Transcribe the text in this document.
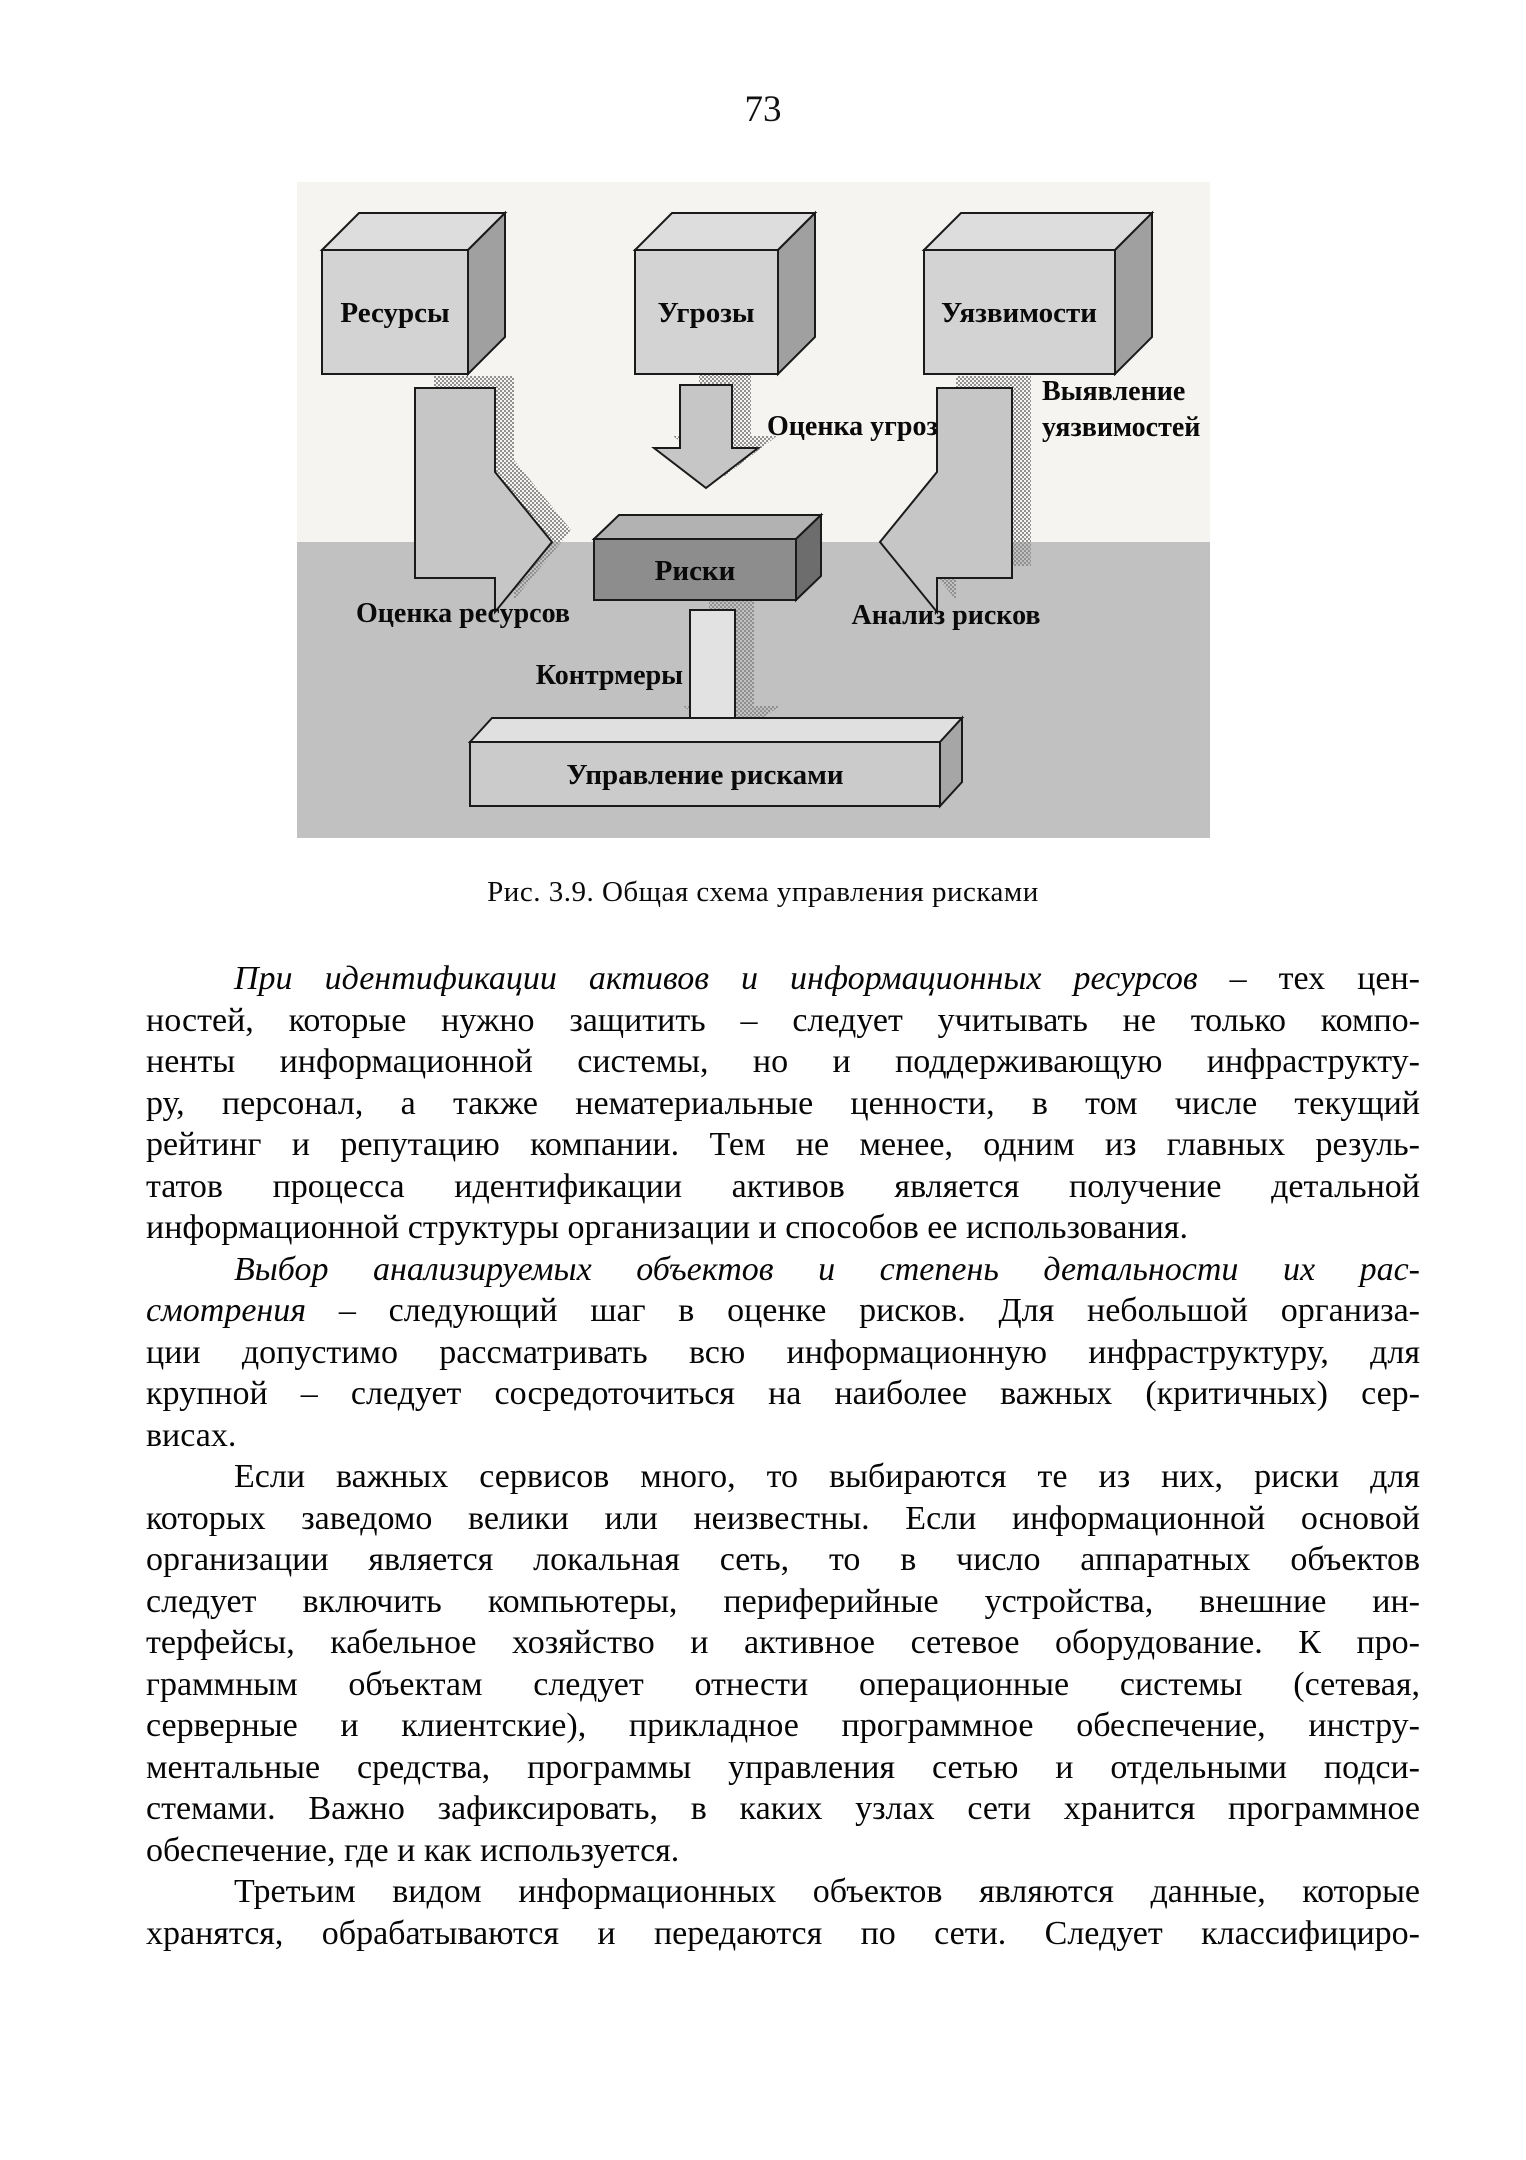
73
Ресурсы	Угрозы	Уязвимости
Риски
Управление рисками
Оценка угроз
Выявление
уязвимостей
Оценка ресурсов	Анализ рисков
Контрмеры
Рис. 3.9. Общая схема управления рисками
При идентификации активов и информационных ресурсов – тех цен-
ностей, которые нужно защитить – следует учитывать не только компо-
ненты информационной системы, но и поддерживающую инфраструкту-
ру, персонал, а также нематериальные ценности, в том числе текущий
рейтинг и репутацию компании. Тем не менее, одним из главных резуль-
татов процесса идентификации активов является получение детальной
информационной структуры организации и способов ее использования.
Выбор анализируемых объектов и степень детальности их рас-
смотрения – следующий шаг в оценке рисков. Для небольшой организа-
ции допустимо рассматривать всю информационную инфраструктуру, для
крупной – следует сосредоточиться на наиболее важных (критичных) сер-
висах.
Если важных сервисов много, то выбираются те из них, риски для
которых заведомо велики или неизвестны. Если информационной основой
организации является локальная сеть, то в число аппаратных объектов
следует включить компьютеры, периферийные устройства, внешние ин-
терфейсы, кабельное хозяйство и активное сетевое оборудование. К про-
граммным объектам следует отнести операционные системы (сетевая,
серверные и клиентские), прикладное программное обеспечение, инстру-
ментальные средства, программы управления сетью и отдельными подси-
стемами. Важно зафиксировать, в каких узлах сети хранится программное
обеспечение, где и как используется.
Третьим видом информационных объектов являются данные, которые
хранятся, обрабатываются и передаются по сети. Следует классифициро-
